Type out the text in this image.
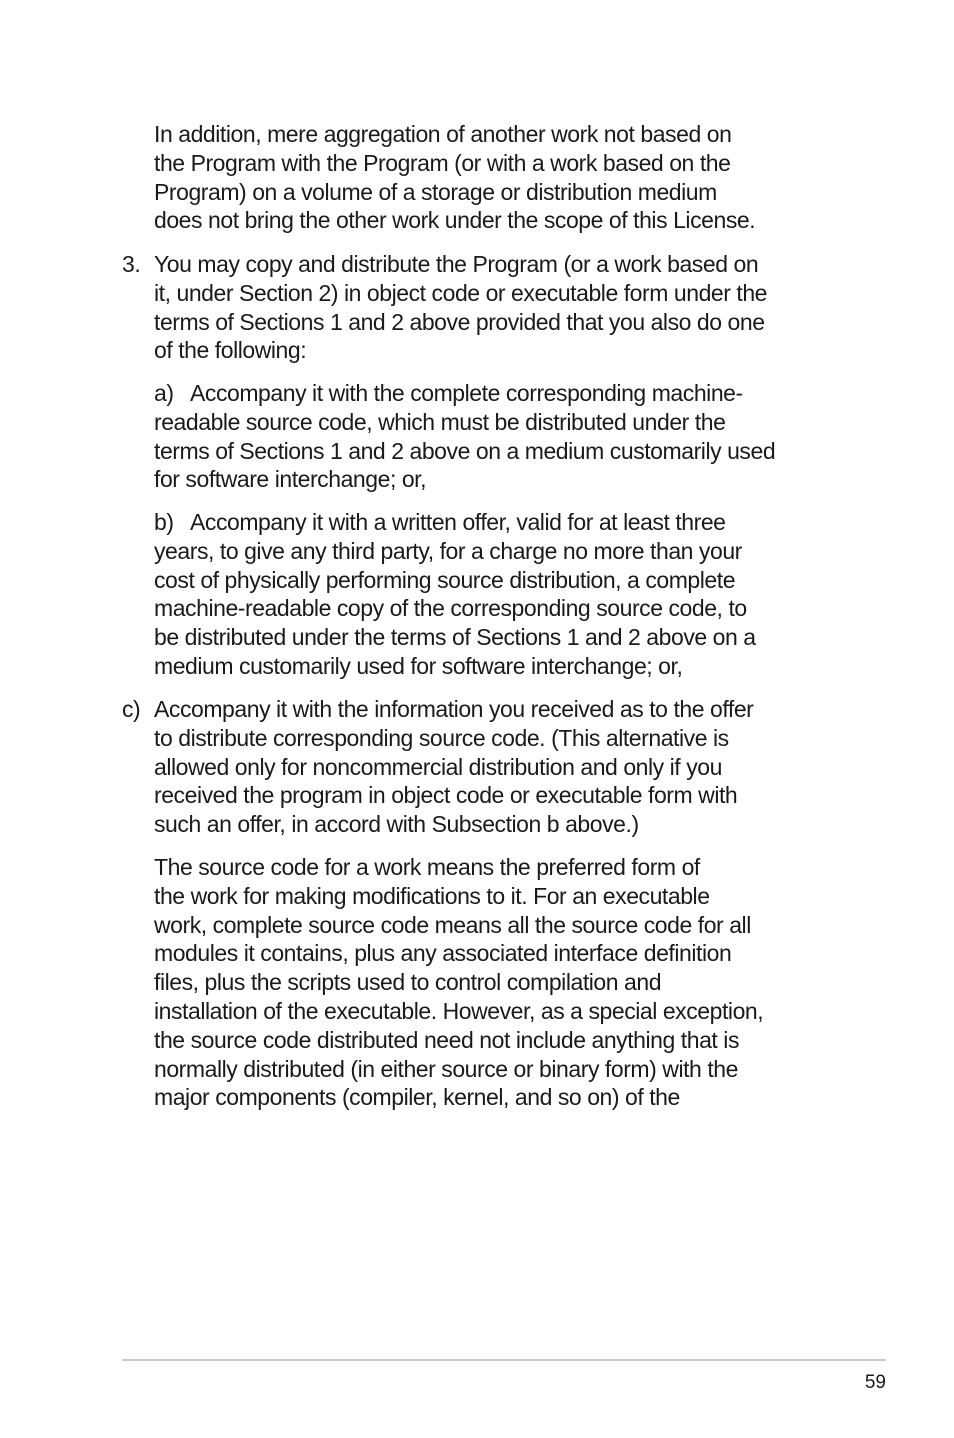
In addition, mere aggregation of another work not based on
the Program with the Program (or with a work based on the
Program) on a volume of a storage or distribution medium
does not bring the other work under the scope of this License.

3. You may copy and distribute the Program (or a work based on
it, under Section 2) in object code or executable form under the
terms of Sections 1 and 2 above provided that you also do one
of the following:

a) Accompany it with the complete corresponding machine-
readable source code, which must be distributed under the
terms of Sections 1 and 2 above on a medium customarily used
for software interchange; or,

b) Accompany it with a written offer, valid for at least three
years, to give any third party, for a charge no more than your
cost of physically performing source distribution, a complete
machine-readable copy of the corresponding source code, to
be distributed under the terms of Sections 1 and 2 above on a
medium customarily used for software interchange; or,

c) Accompany it with the information you received as to the offer
to distribute corresponding source code. (This alternative is
allowed only for noncommercial distribution and only if you
received the program in object code or executable form with
such an offer, in accord with Subsection b above.)

The source code for a work means the preferred form of
the work for making modifications to it. For an executable
work, complete source code means all the source code for all
modules it contains, plus any associated interface definition
files, plus the scripts used to control compilation and
installation of the executable. However, as a special exception,
the source code distributed need not include anything that is
normally distributed (in either source or binary form) with the
major components (compiler, kernel, and so on) of the

59
